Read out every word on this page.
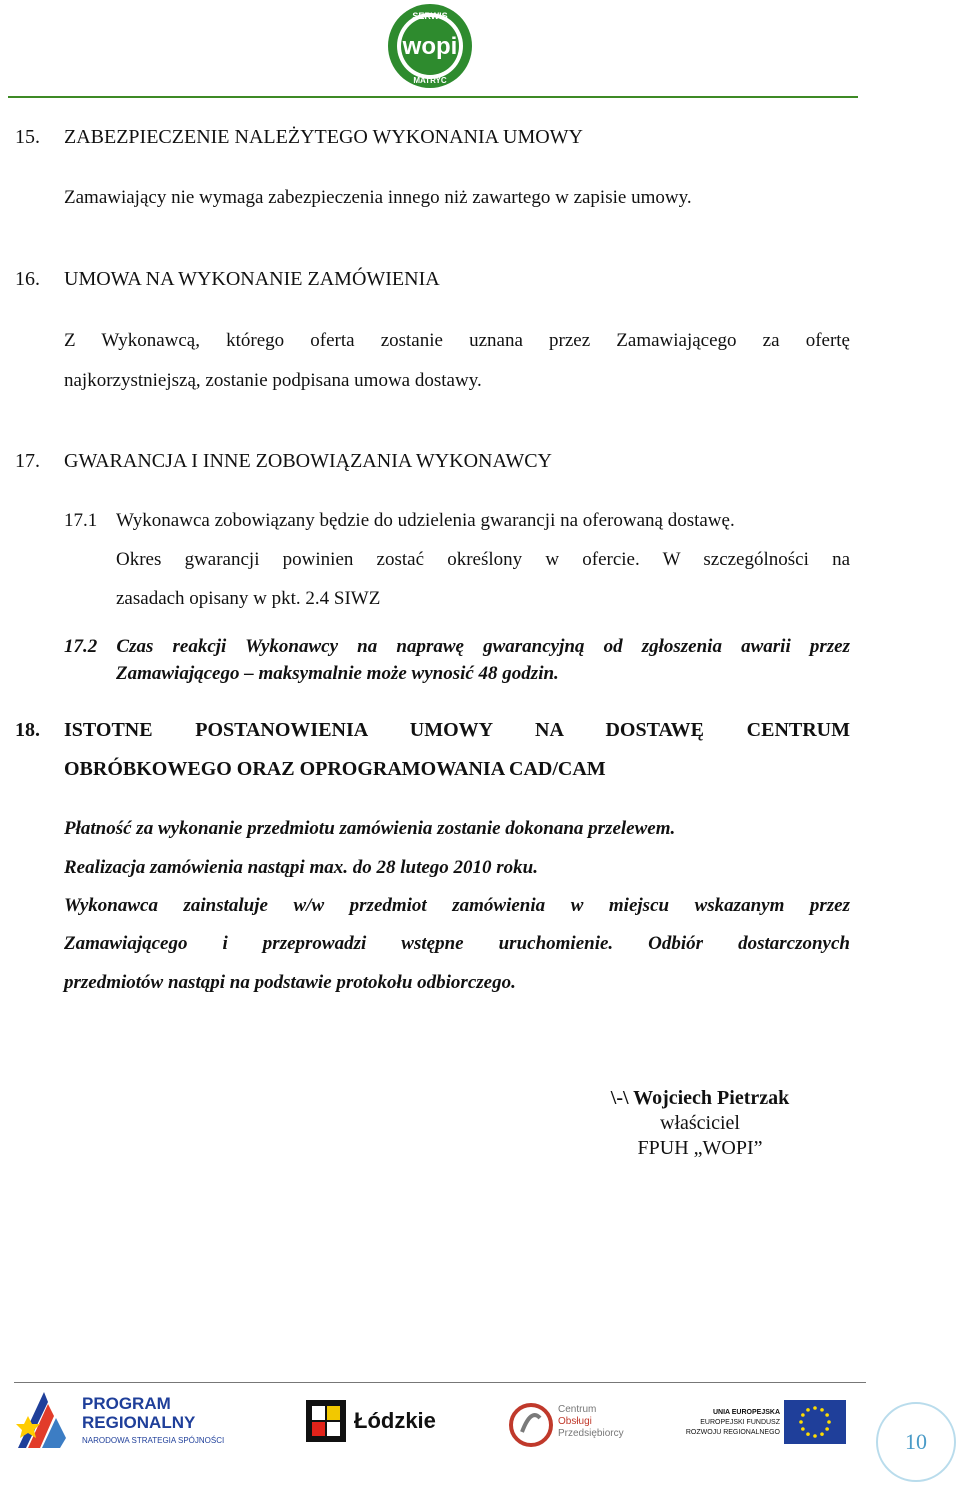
SERWIS
wopi
MATRYC
15. ZABEZPIECZENIE NALEŻYTEGO WYKONANIA UMOWY
Zamawiający nie wymaga zabezpieczenia innego niż zawartego w zapisie umowy.
16. UMOWA NA WYKONANIE ZAMÓWIENIA
Z Wykonawcą, którego oferta zostanie uznana przez Zamawiającego za ofertę
najkorzystniejszą, zostanie podpisana umowa dostawy.
17. GWARANCJA I INNE ZOBOWIĄZANIA WYKONAWCY
17.1 Wykonawca zobowiązany będzie do udzielenia gwarancji na oferowaną dostawę.
Okres gwarancji powinien zostać określony w ofercie. W szczególności na
zasadach opisany w pkt. 2.4 SIWZ
17.2 Czas reakcji Wykonawcy na naprawę gwarancyjną od zgłoszenia awarii przez
Zamawiającego – maksymalnie może wynosić 48 godzin.
18. ISTOTNE POSTANOWIENIA UMOWY NA DOSTAWĘ CENTRUM
OBRÓBKOWEGO ORAZ OPROGRAMOWANIA CAD/CAM
Płatność za wykonanie przedmiotu zamówienia zostanie dokonana przelewem.
Realizacja zamówienia nastąpi max. do 28 lutego 2010 roku.
Wykonawca zainstaluje w/w przedmiot zamówienia w miejscu wskazanym przez
Zamawiającego i przeprowadzi wstępne uruchomienie. Odbiór dostarczonych
przedmiotów nastąpi na podstawie protokołu odbiorczego.
\-\ Wojciech Pietrzak
właściciel
FPUH „WOPI”
PROGRAM
REGIONALNY
NARODOWA STRATEGIA SPÓJNOŚCI
Łódzkie	Centrum
Obsługi
Przedsiębiorcy
UNIA EUROPEJSKA
EUROPEJSKI FUNDUSZ
ROZWOJU REGIONALNEGO	10
